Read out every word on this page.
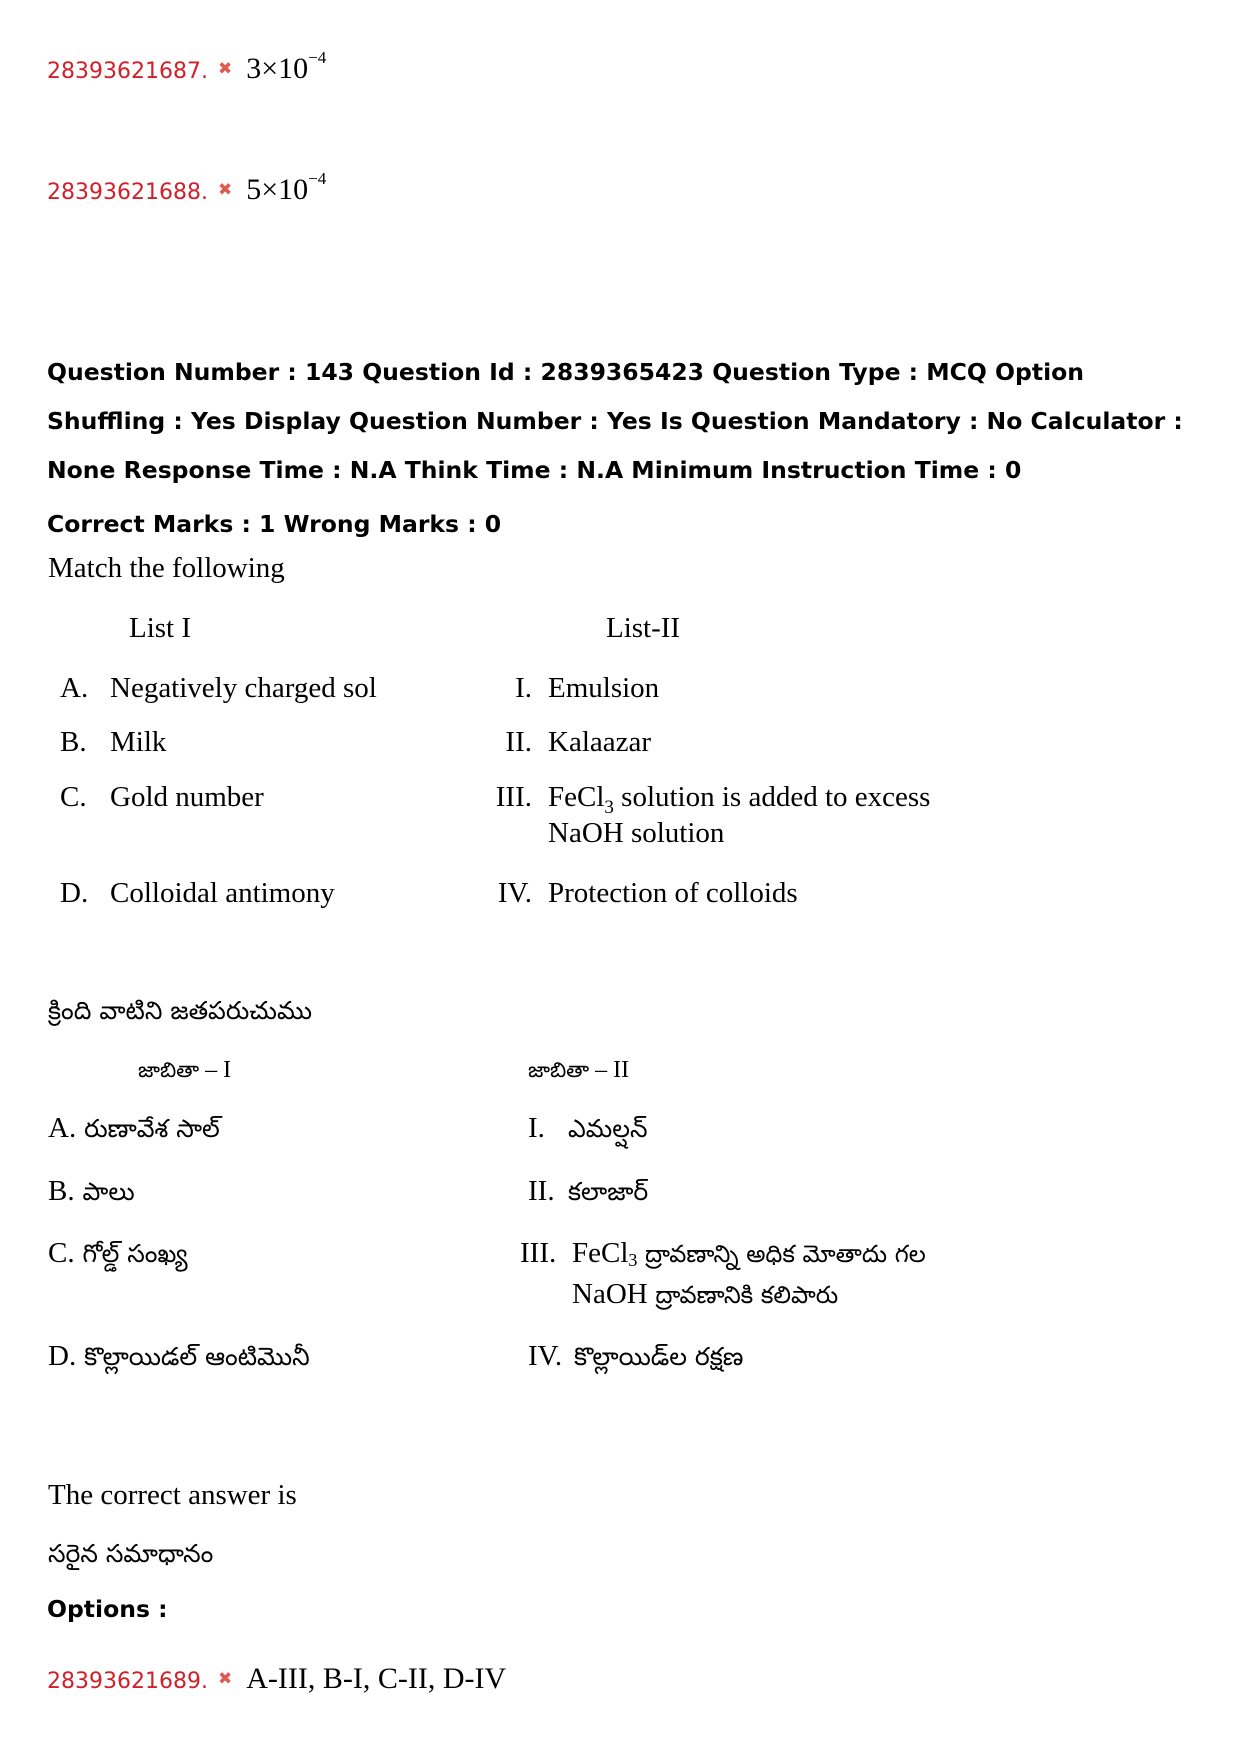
28393621687. ✖ $3\times 10^{-4}$
28393621688. ✖ $5\times 10^{-4}$
Question Number : 143 Question Id : 2839365423 Question Type : MCQ Option Shuffling : Yes Display Question Number : Yes Is Question Mandatory : No Calculator : None Response Time : N.A Think Time : N.A Minimum Instruction Time : 0
Correct Marks : 1 Wrong Marks : 0
Match the following
List I	List-II
A. Negatively charged sol
B. Milk
C. Gold number
D. Colloidal antimony
I. Emulsion
II. Kalaazar
III. FeCl$_3$ solution is added to excess
NaOH solution
IV. Protection of colloids
క్రింది వాటిని జతపరుచుము
జాబితా – I	జాబితా – II
A. రుణావేశ సాల్
B. పాలు
C. గోల్డ్ సంఖ్య
D. కొల్లాయిడల్ ఆంటిమొనీ
I. ఎమల్షన్
II. కలాజార్
III. FeCl$_3$ ద్రావణాన్ని అధిక మోతాదు గల
NaOH ద్రావణానికి కలిపారు
IV. కొల్లాయిడ్‌ల రక్షణ
The correct answer is
సరైన సమాధానం
Options :
28393621689. ✖ A-III, B-I, C-II, D-IV
